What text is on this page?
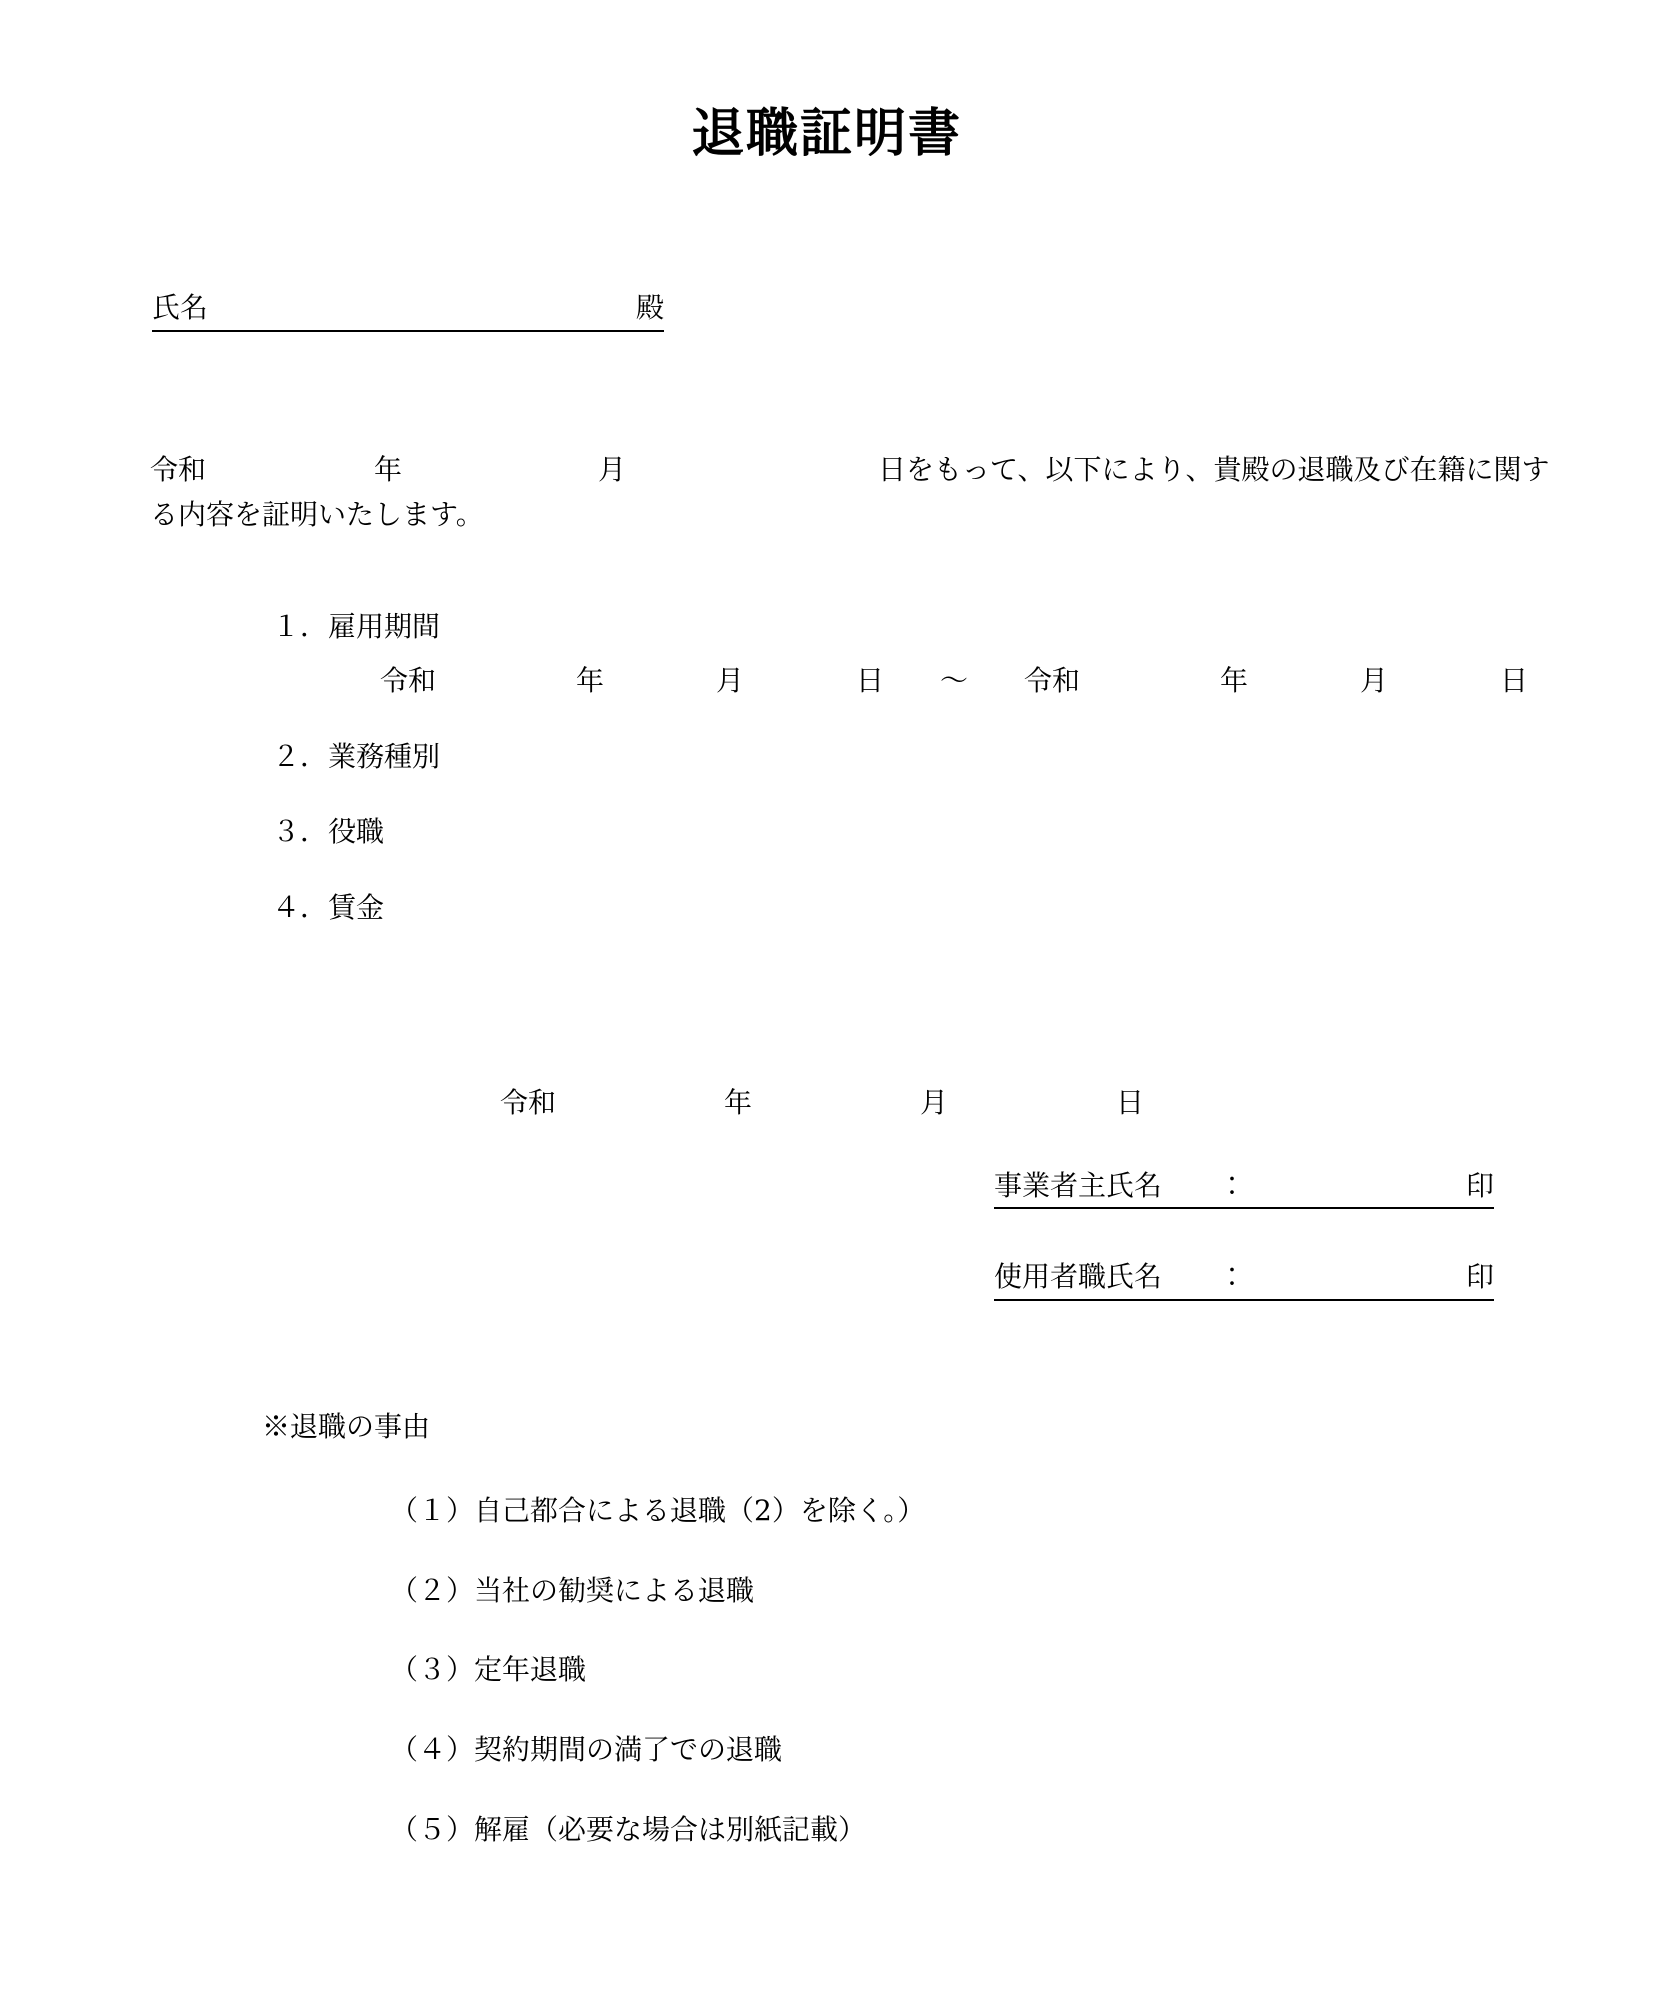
退職証明書
氏名	殿
令和　　　　　　年　　　　　　　月　　　　　　　　　日をもって、以下により、貴殿の退職及び在籍に関す
る内容を証明いたします。
１．雇用期間
令和　　　　　年　　　　月　　　　日　　〜　　令和　　　　　年　　　　月　　　　日
２．業務種別
３．役職
４．賃金
令和　　　　　　年　　　　　　月　　　　　　日
事業者主氏名　　：	印
使用者職氏名　　：	印
※退職の事由
（１）自己都合による退職（2）を除く。）
（２）当社の勧奨による退職
（３）定年退職
（４）契約期間の満了での退職
（５）解雇（必要な場合は別紙記載）
